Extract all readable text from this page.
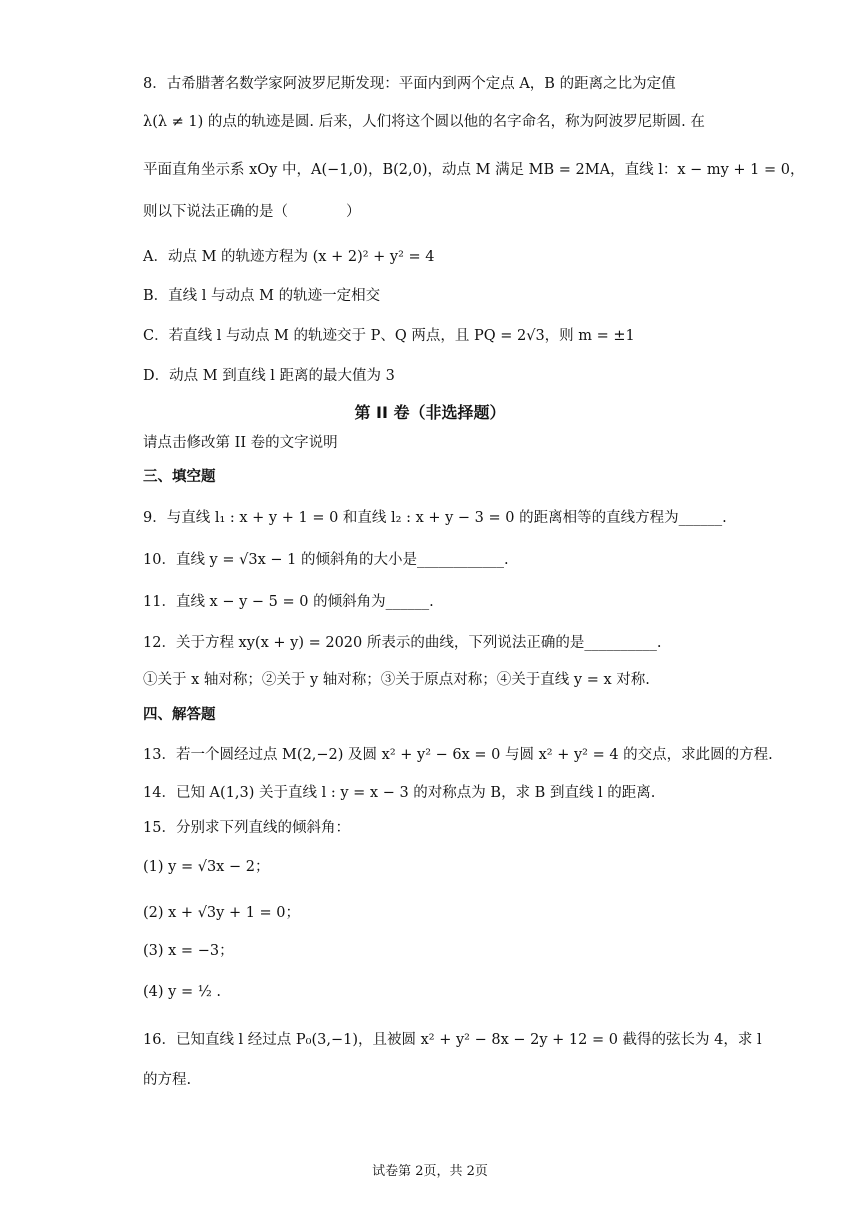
8．古希腊著名数学家阿波罗尼斯发现：平面内到两个定点 A，B 的距离之比为定值
λ(λ ≠ 1) 的点的轨迹是圆. 后来，人们将这个圆以他的名字命名，称为阿波罗尼斯圆. 在
平面直角坐示系 xOy 中，A(−1,0)，B(2,0)，动点 M 满足 MB = 2MA，直线 l：x − my + 1 = 0，
则以下说法正确的是（　　　　）
A．动点 M 的轨迹方程为 (x + 2)² + y² = 4
B．直线 l 与动点 M 的轨迹一定相交
C．若直线 l 与动点 M 的轨迹交于 P、Q 两点，且 PQ = 2√3，则 m = ±1
D．动点 M 到直线 l 距离的最大值为 3
第 II 卷（非选择题）
请点击修改第 II 卷的文字说明
三、填空题
9．与直线 l₁ : x + y + 1 = 0 和直线 l₂ : x + y − 3 = 0 的距离相等的直线方程为______.
10．直线 y = √3x − 1 的倾斜角的大小是____________.
11．直线 x − y − 5 = 0 的倾斜角为______.
12．关于方程 xy(x + y) = 2020 所表示的曲线，下列说法正确的是__________.
①关于 x 轴对称；②关于 y 轴对称；③关于原点对称；④关于直线 y = x 对称.
四、解答题
13．若一个圆经过点 M(2,−2) 及圆 x² + y² − 6x = 0 与圆 x² + y² = 4 的交点，求此圆的方程.
14．已知 A(1,3) 关于直线 l : y = x − 3 的对称点为 B，求 B 到直线 l 的距离.
15．分别求下列直线的倾斜角：
(1) y = √3x − 2；
(2) x + √3y + 1 = 0；
(3) x = −3；
(4) y = ½ .
16．已知直线 l 经过点 P₀(3,−1)，且被圆 x² + y² − 8x − 2y + 12 = 0 截得的弦长为 4，求 l
的方程.
试卷第 2页，共 2页
